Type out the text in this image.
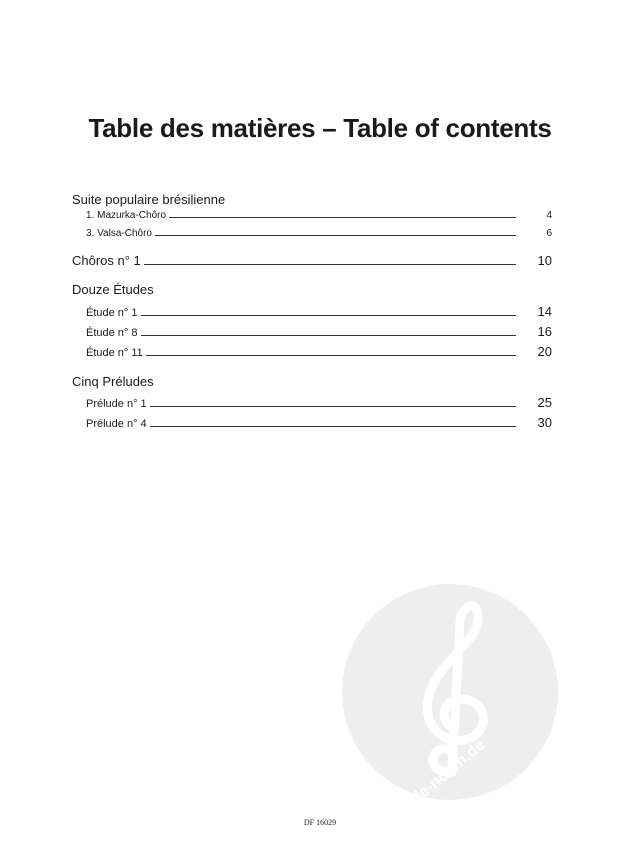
Table des matières – Table of contents
Suite populaire brésilienne
1. Mazurka-Chôro	4
3. Valsa-Chôro	6
Chôros n° 1	10
Douze Études
Étude n° 1	14
Étude n° 8	16
Étude n° 11	20
Cinq Préludes
Prélude n° 1	25
Prélude n° 4	30
alle-noten.de
DF 16029
